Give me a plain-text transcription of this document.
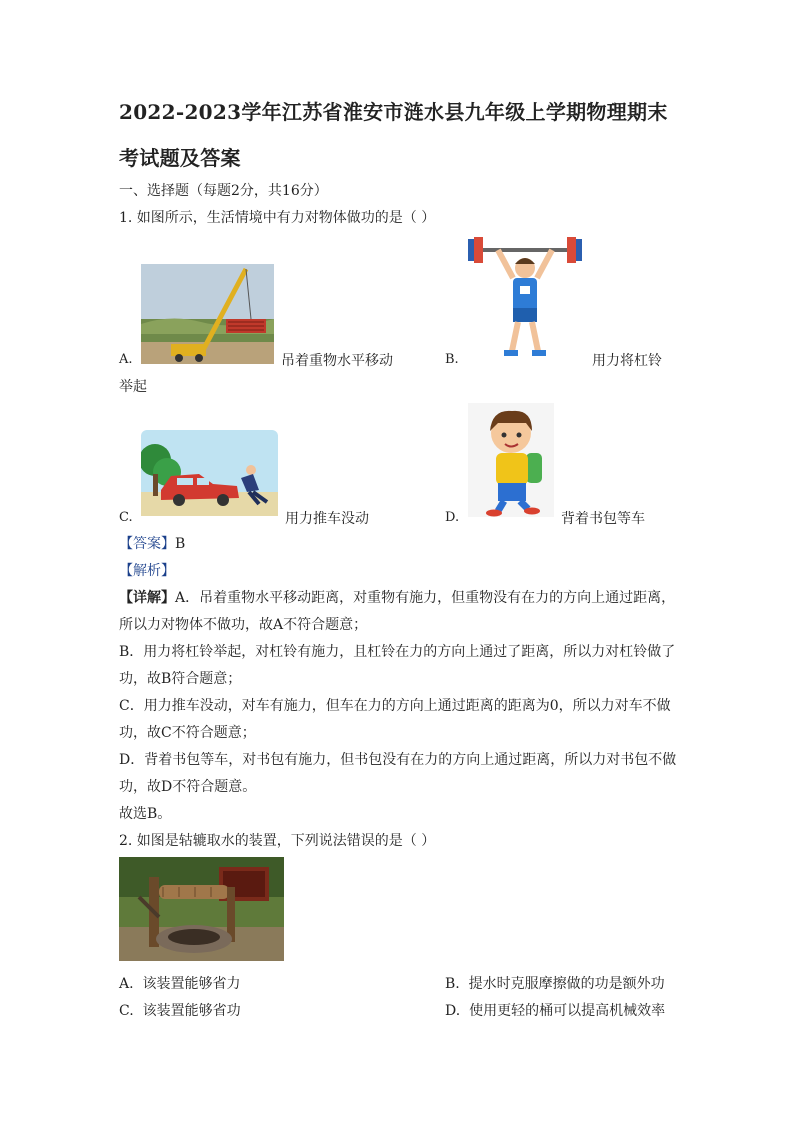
2022-2023学年江苏省淮安市涟水县九年级上学期物理期末
考试题及答案
一、选择题（每题2分，共16分）
1. 如图所示，生活情境中有力对物体做功的是（ ）
A.	吊着重物水平移动	B.	用力将杠铃
举起
C.	用力推车没动	D.	背着书包等车
【答案】B
【解析】
【详解】A．吊着重物水平移动距离，对重物有施力，但重物没有在力的方向上通过距离，
所以力对物体不做功，故A不符合题意；
B．用力将杠铃举起，对杠铃有施力，且杠铃在力的方向上通过了距离，所以力对杠铃做了
功，故B符合题意；
C．用力推车没动，对车有施力，但车在力的方向上通过距离的距离为0，所以力对车不做
功，故C不符合题意；
D．背着书包等车，对书包有施力，但书包没有在力的方向上通过距离，所以力对书包不做
功，故D不符合题意。
故选B。
2. 如图是轱辘取水的装置，下列说法错误的是（ ）
A. 该装置能够省力	B. 提水时克服摩擦做的功是额外功
C. 该装置能够省功	D. 使用更轻的桶可以提高机械效率
